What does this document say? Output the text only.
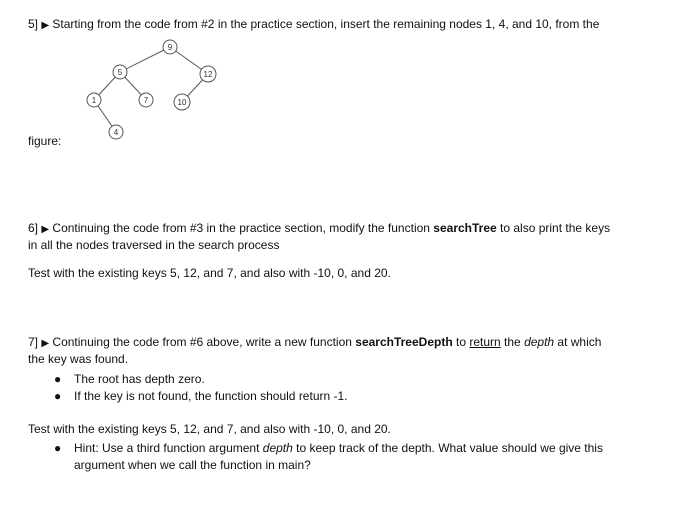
5] ▶ Starting from the code from #2 in the practice section, insert the remaining nodes 1, 4, and 10, from the
9
5	12
1	7	10
4
figure:
6] ▶ Continuing the code from #3 in the practice section, modify the function searchTree to also print the keys
in all the nodes traversed in the search process
Test with the existing keys 5, 12, and 7, and also with -10, 0, and 20.
7] ▶ Continuing the code from #6 above, write a new function searchTreeDepth to return the depth at which
the key was found.
● The root has depth zero.
● If the key is not found, the function should return -1.
Test with the existing keys 5, 12, and 7, and also with -10, 0, and 20.
● Hint: Use a third function argument depth to keep track of the depth. What value should we give this
argument when we call the function in main?
